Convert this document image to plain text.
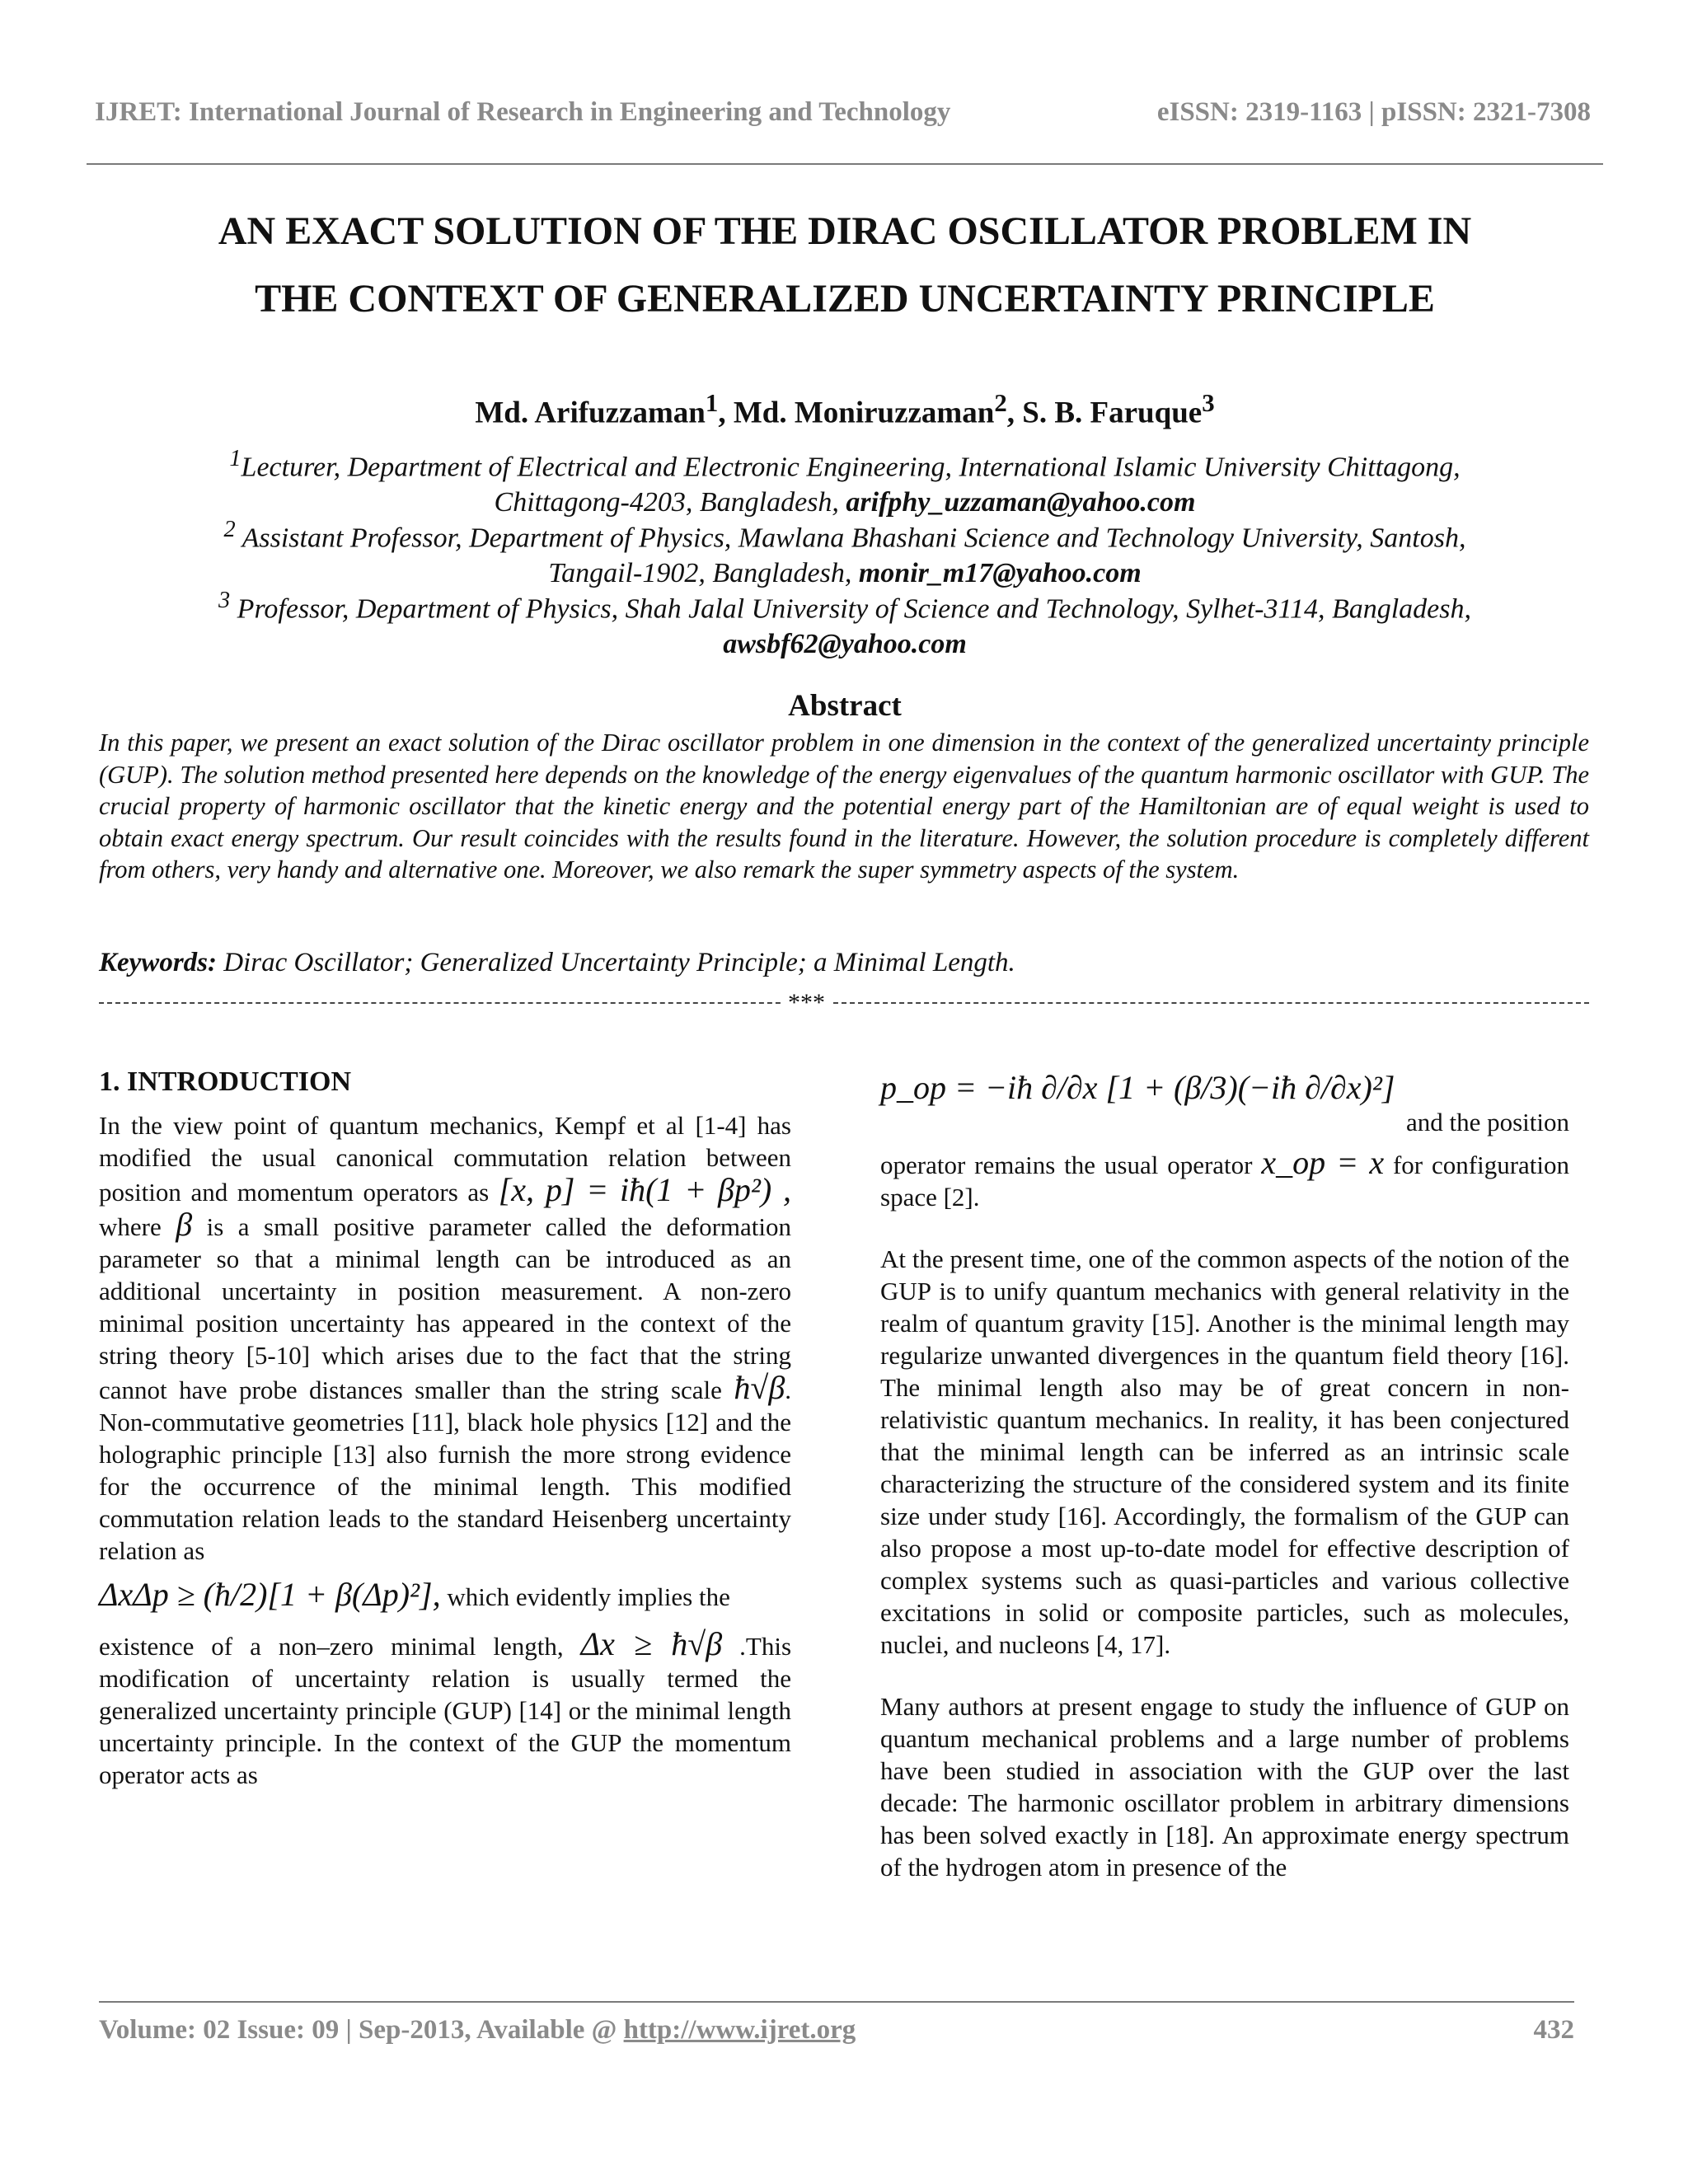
IJRET: International Journal of Research in Engineering and Technology	eISSN: 2319-1163 | pISSN: 2321-7308
AN EXACT SOLUTION OF THE DIRAC OSCILLATOR PROBLEM IN
THE CONTEXT OF GENERALIZED UNCERTAINTY PRINCIPLE
Md. Arifuzzaman$^1$, Md. Moniruzzaman$^2$, S. B. Faruque$^3$
$^1$Lecturer, Department of Electrical and Electronic Engineering, International Islamic University Chittagong,
Chittagong-4203, Bangladesh, arifphy_uzzaman@yahoo.com
$^2$ Assistant Professor, Department of Physics, Mawlana Bhashani Science and Technology University, Santosh,
Tangail-1902, Bangladesh, monir_m17@yahoo.com
$^3$ Professor, Department of Physics, Shah Jalal University of Science and Technology, Sylhet-3114, Bangladesh,
awsbf62@yahoo.com
Abstract
In this paper, we present an exact solution of the Dirac oscillator problem in one dimension in the context of the generalized uncertainty principle (GUP). The solution method presented here depends on the knowledge of the energy eigenvalues of the quantum harmonic oscillator with GUP. The crucial property of harmonic oscillator that the kinetic energy and the potential energy part of the Hamiltonian are of equal weight is used to obtain exact energy spectrum. Our result coincides with the results found in the literature. However, the solution procedure is completely different from others, very handy and alternative one. Moreover, we also remark the super symmetry aspects of the system.
Keywords: Dirac Oscillator; Generalized Uncertainty Principle; a Minimal Length.
***
1. INTRODUCTION

In the view point of quantum mechanics, Kempf et al [1-4] has modified the usual canonical commutation relation between position and momentum operators as [x, p] = iħ(1 + βp²) , where β is a small positive parameter called the deformation parameter so that a minimal length can be introduced as an additional uncertainty in position measurement. A non-zero minimal position uncertainty has appeared in the context of the string theory [5-10] which arises due to the fact that the string cannot have probe distances smaller than the string scale ħ√β. Non-commutative geometries [11], black hole physics [12] and the holographic principle [13] also furnish the more strong evidence for the occurrence of the minimal length. This modified commutation relation leads to the standard Heisenberg uncertainty relation as

ΔxΔp ≥ (ħ/2)[1 + β(Δp)²], which evidently implies the

existence of a non–zero minimal length, Δx ≥ ħ√β .This modification of uncertainty relation is usually termed the generalized uncertainty principle (GUP) [14] or the minimal length uncertainty principle. In the context of the GUP the momentum operator acts as

p_op = −iħ ∂/∂x [1 + (β/3)(−iħ ∂/∂x)²]

and the position

operator remains the usual operator x_op = x for configuration space [2].

At the present time, one of the common aspects of the notion of the GUP is to unify quantum mechanics with general relativity in the realm of quantum gravity [15]. Another is the minimal length may regularize unwanted divergences in the quantum field theory [16]. The minimal length also may be of great concern in non-relativistic quantum mechanics. In reality, it has been conjectured that the minimal length can be inferred as an intrinsic scale characterizing the structure of the considered system and its finite size under study [16]. Accordingly, the formalism of the GUP can also propose a most up-to-date model for effective description of complex systems such as quasi-particles and various collective excitations in solid or composite particles, such as molecules, nuclei, and nucleons [4, 17].

Many authors at present engage to study the influence of GUP on quantum mechanical problems and a large number of problems have been studied in association with the GUP over the last decade: The harmonic oscillator problem in arbitrary dimensions has been solved exactly in [18]. An approximate energy spectrum of the hydrogen atom in presence of the

Volume: 02 Issue: 09 | Sep-2013, Available @ http://www.ijret.org	432
